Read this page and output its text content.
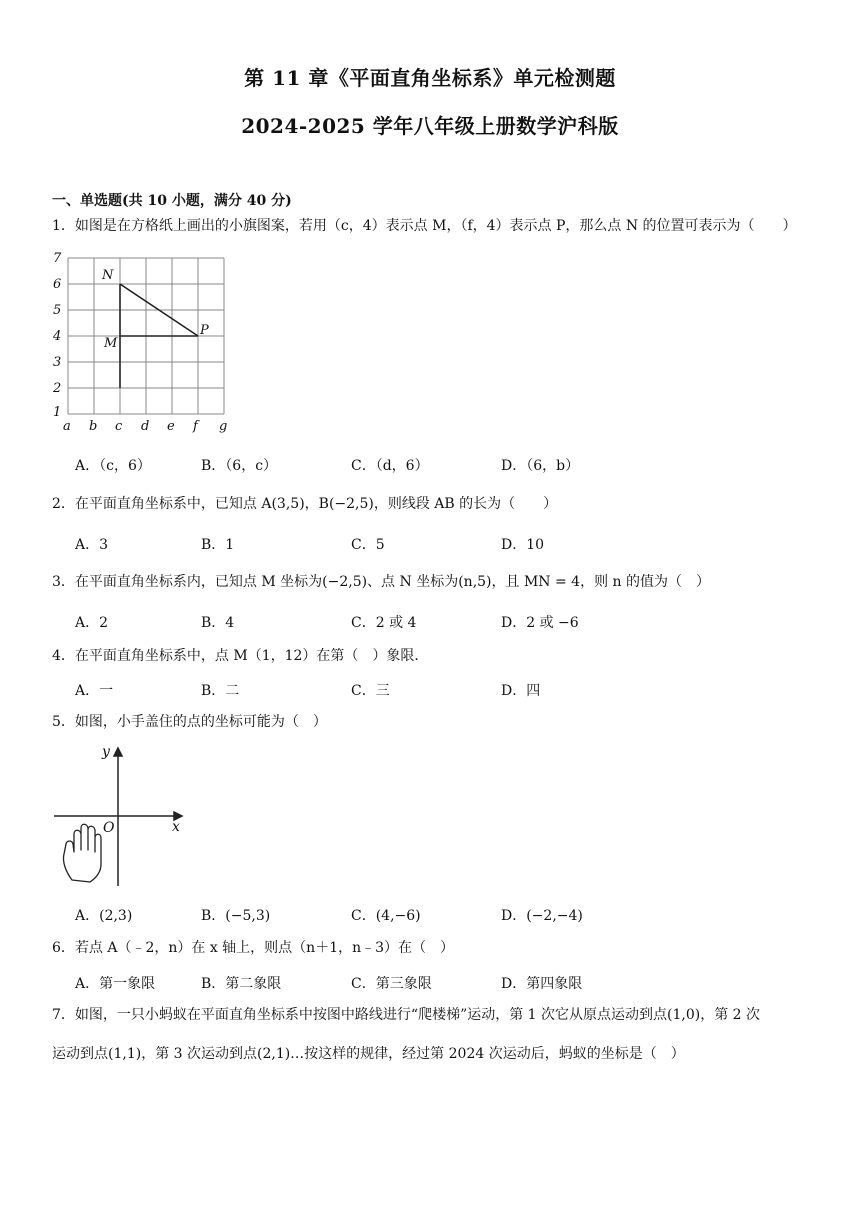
第 11 章《平面直角坐标系》单元检测题
2024-2025 学年八年级上册数学沪科版
一、单选题(共 10 小题，满分 40 分)
1．如图是在方格纸上画出的小旗图案，若用（c，4）表示点 M，（f，4）表示点 P，那么点 N 的位置可表示为（　　）
7
6
5
4
3
2
1
a b c d e f g
N
M
P
A．（c，6）	B．（6，c）	C．（d，6）	D．（6，b）
2．在平面直角坐标系中，已知点 A(3,5)，B(−2,5)，则线段 AB 的长为（　　）
A．3	B．1	C．5	D．10
3．在平面直角坐标系内，已知点 M 坐标为(−2,5)、点 N 坐标为(n,5)，且 MN = 4，则 n 的值为（　）
A．2	B．4	C．2 或 4	D．2 或 −6
4．在平面直角坐标系中，点 M（1，12）在第（　）象限．
A．一	B．二	C．三	D．四
5．如图，小手盖住的点的坐标可能为（　）
y
x
O
A．(2,3)	B．(−5,3)	C．(4,−6)	D．(−2,−4)
6．若点 A（﹣2，n）在 x 轴上，则点（n＋1，n﹣3）在（　）
A．第一象限	B．第二象限	C．第三象限	D．第四象限
7．如图，一只小蚂蚁在平面直角坐标系中按图中路线进行“爬楼梯”运动，第 1 次它从原点运动到点(1,0)，第 2 次
运动到点(1,1)，第 3 次运动到点(2,1)…按这样的规律，经过第 2024 次运动后，蚂蚁的坐标是（　）
